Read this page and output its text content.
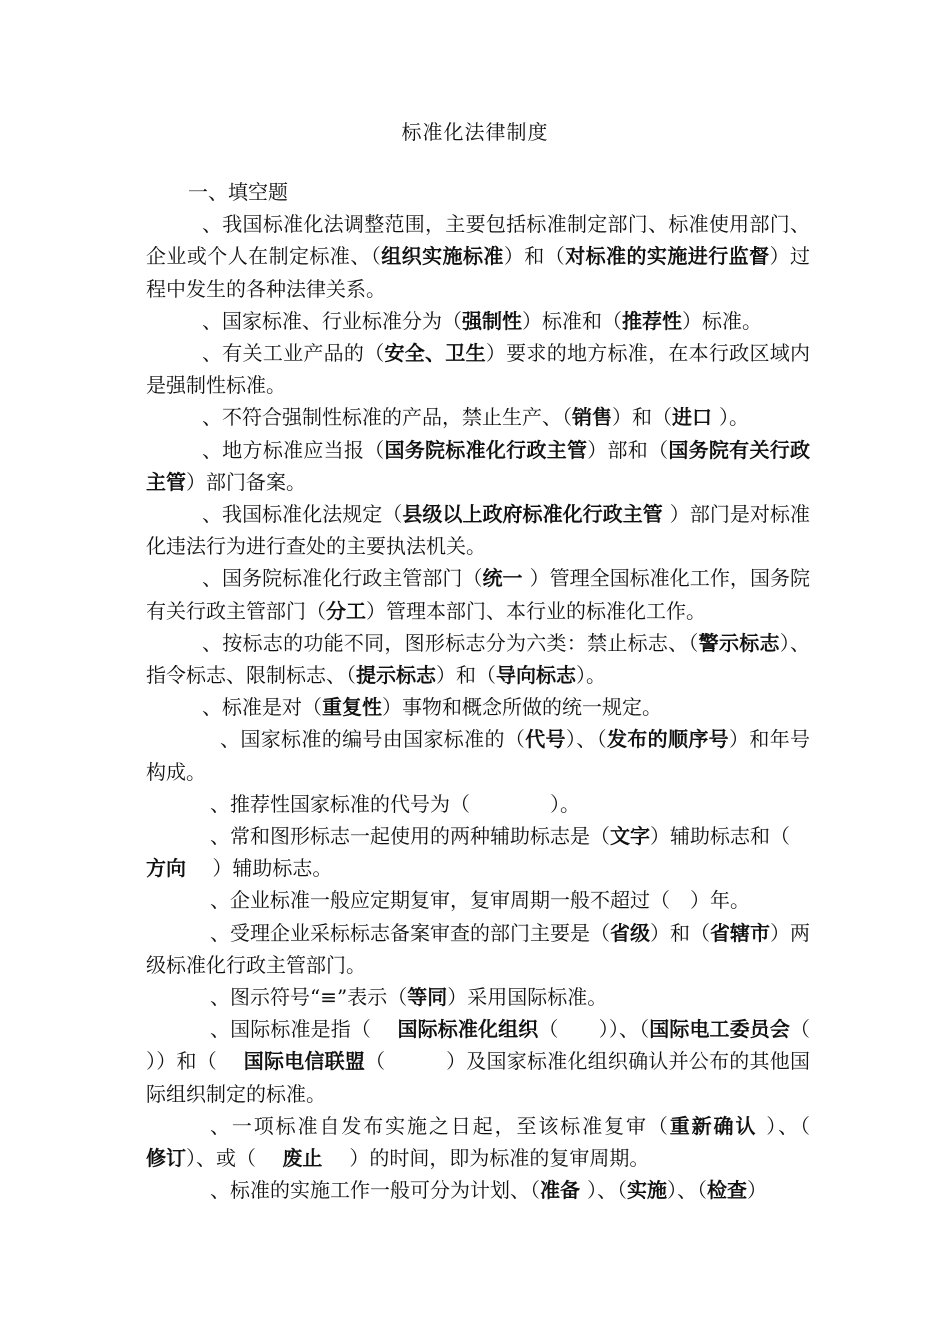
标准化法律制度

一、填空题

、我国标准化法调整范围，主要包括标准制定部门、标准使用部门、企业或个人在制定标准、（组织实施标准）和（对标准的实施进行监督）过程中发生的各种法律关系。

、国家标准、行业标准分为（强制性）标准和（推荐性）标准。

、有关工业产品的（安全、卫生）要求的地方标准，在本行政区域内是强制性标准。

、不符合强制性标准的产品，禁止生产、（销售）和（进口 ）。

、地方标准应当报（国务院标准化行政主管）部和（国务院有关行政主管）部门备案。

、我国标准化法规定（县级以上政府标准化行政主管 ）部门是对标准化违法行为进行查处的主要执法机关。

、国务院标准化行政主管部门（统一 ）管理全国标准化工作，国务院有关行政主管部门（分工）管理本部门、本行业的标准化工作。

、按标志的功能不同，图形标志分为六类：禁止标志、（警示标志）、指令标志、限制标志、（提示标志）和（导向标志）。

、标准是对（重复性）事物和概念所做的统一规定。

、国家标准的编号由国家标准的（代号）、（发布的顺序号）和年号构成。

、推荐性国家标准的代号为（　　　　）。

、常和图形标志一起使用的两种辅助标志是（文字）辅助标志和（　 方向　 ）辅助标志。

、企业标准一般应定期复审，复审周期一般不超过（　）年。

、受理企业采标标志备案审查的部门主要是（省级）和（省辖市）两级标准化行政主管部门。

、图示符号“≡”表示（等同）采用国际标准。

、国际标准是指（　 国际标准化组织（　　））、（国际电工委员会（　　））和（　 国际电信联盟（　　　）及国家标准化组织确认并公布的其他国际组织制定的标准。

、一项标准自发布实施之日起，至该标准复审（重新确认 ）、（　　修订）、或（　 废止 　）的时间，即为标准的复审周期。

、标准的实施工作一般可分为计划、（准备 ）、（实施）、（检查）
